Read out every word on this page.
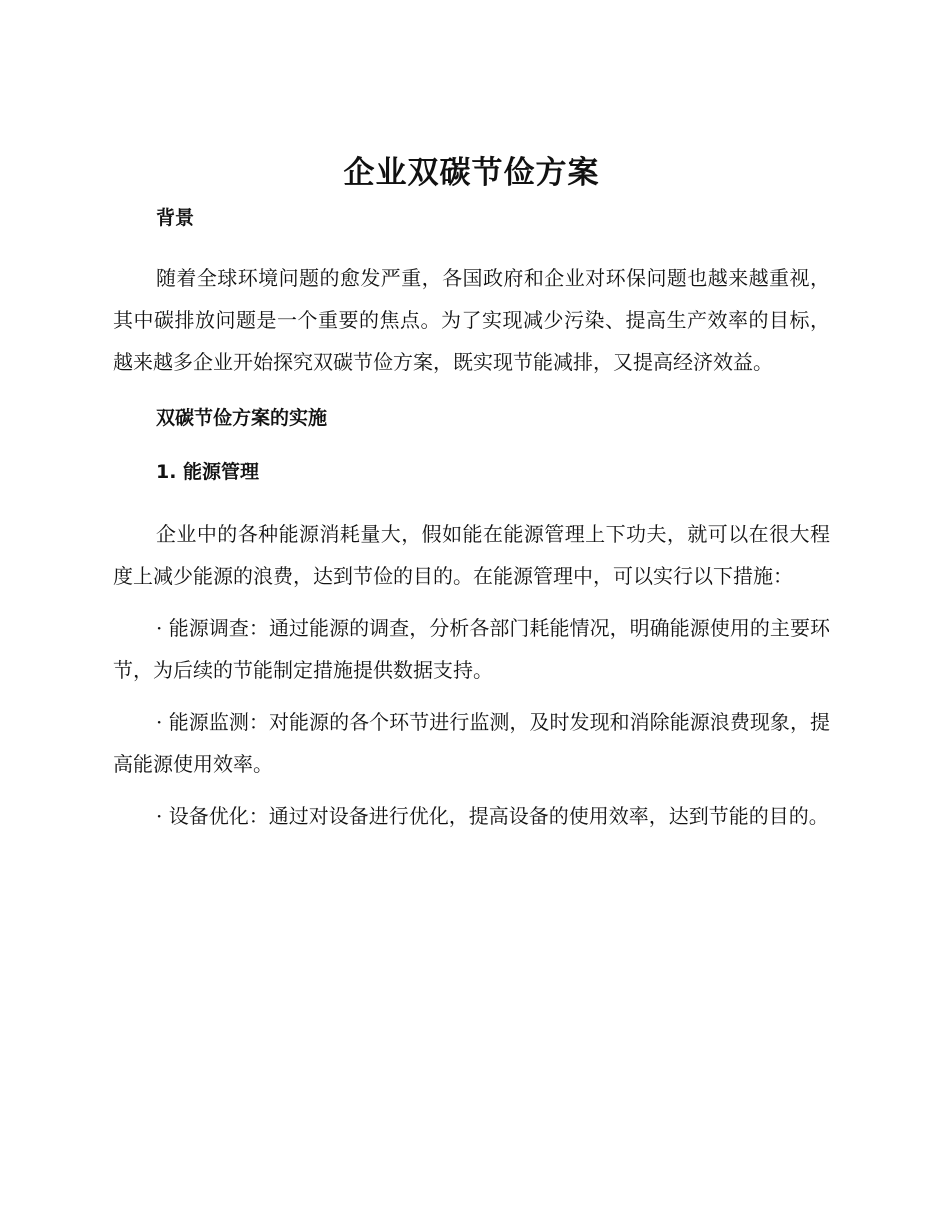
企业双碳节俭方案
背景

随着全球环境问题的愈发严重，各国政府和企业对环保问题也越来越重视，其中碳排放问题是一个重要的焦点。为了实现减少污染、提高生产效率的目标，越来越多企业开始探究双碳节俭方案，既实现节能减排，又提高经济效益。

双碳节俭方案的实施
1. 能源管理

企业中的各种能源消耗量大，假如能在能源管理上下功夫，就可以在很大程度上减少能源的浪费，达到节俭的目的。在能源管理中，可以实行以下措施：

· 能源调查：通过能源的调查，分析各部门耗能情况，明确能源使用的主要环节，为后续的节能制定措施提供数据支持。

· 能源监测：对能源的各个环节进行监测，及时发现和消除能源浪费现象，提高能源使用效率。

· 设备优化：通过对设备进行优化，提高设备的使用效率，达到节能的目的。
